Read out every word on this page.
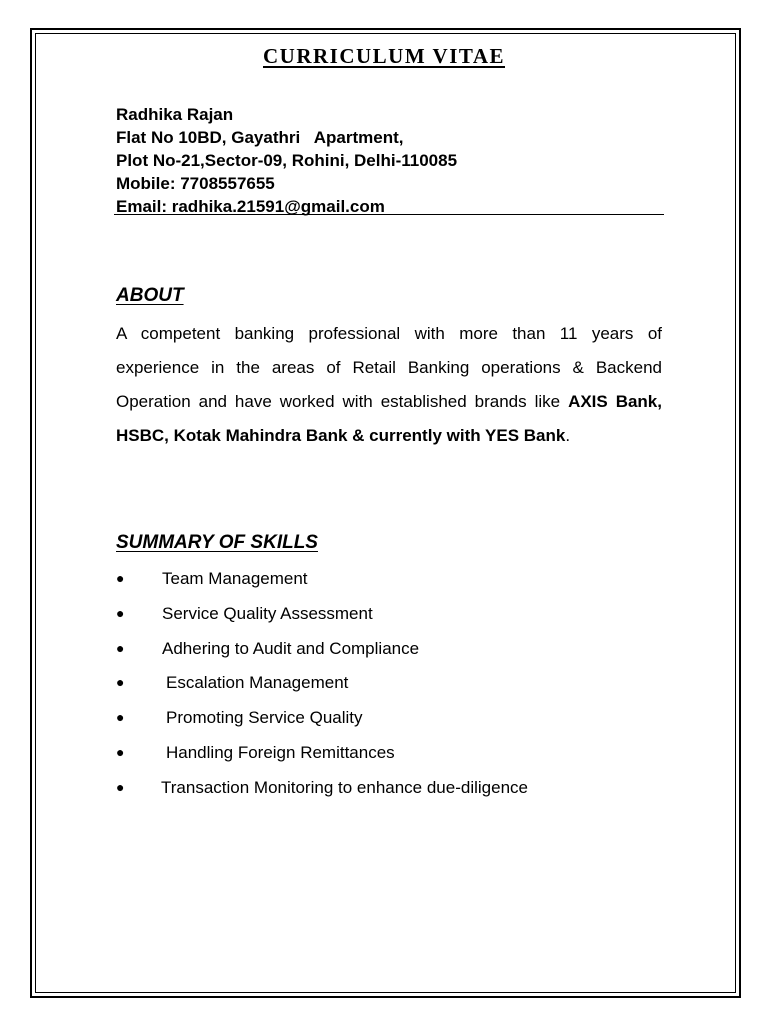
CURRICULUM VITAE
Radhika Rajan
Flat No 10BD, Gayathri   Apartment,
Plot No-21,Sector-09, Rohini, Delhi-110085
Mobile: 7708557655
Email: radhika.21591@gmail.com
ABOUT
A competent banking professional with more than 11 years of experience in the areas of Retail Banking operations & Backend Operation and have worked with established brands like AXIS Bank, HSBC, Kotak Mahindra Bank & currently with YES Bank.
SUMMARY OF SKILLS
● Team Management
● Service Quality Assessment
● Adhering to Audit and Compliance
● Escalation Management
● Promoting Service Quality
● Handling Foreign Remittances
● Transaction Monitoring to enhance due-diligence
